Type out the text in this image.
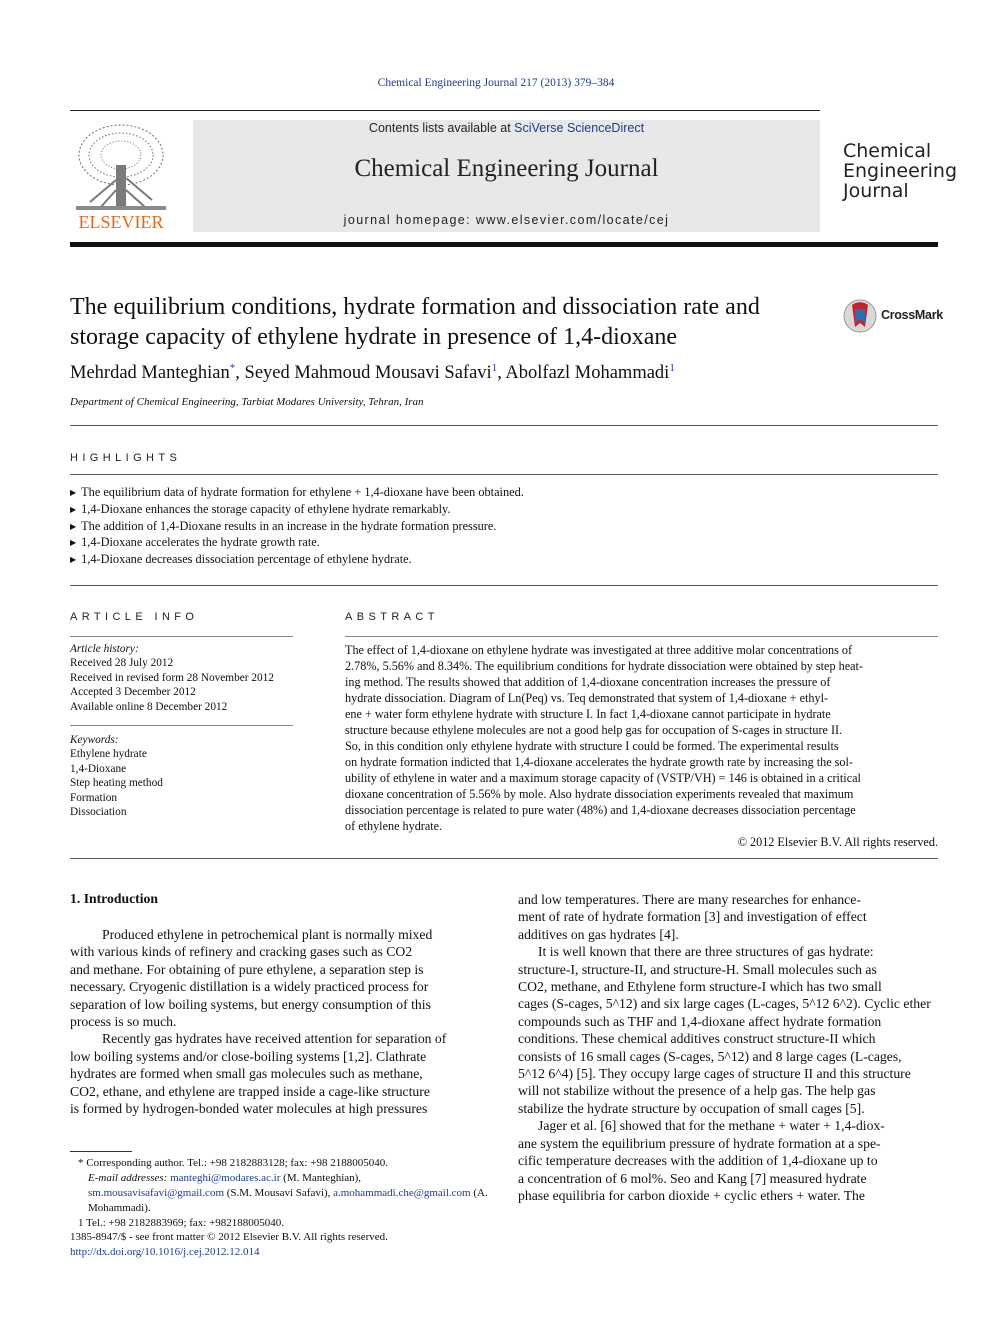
Chemical Engineering Journal 217 (2013) 379–384
ELSEVIER
Contents lists available at SciVerse ScienceDirect
Chemical Engineering Journal
journal homepage: www.elsevier.com/locate/cej
Chemical
Engineering
Journal
The equilibrium conditions, hydrate formation and dissociation rate and
storage capacity of ethylene hydrate in presence of 1,4-dioxane
CrossMark
Mehrdad Manteghian*, Seyed Mahmoud Mousavi Safavi$^1$, Abolfazl Mohammadi$^1$
Department of Chemical Engineering, Tarbiat Modares University, Tehran, Iran
HIGHLIGHTS
▶ The equilibrium data of hydrate formation for ethylene + 1,4-dioxane have been obtained.
▶ 1,4-Dioxane enhances the storage capacity of ethylene hydrate remarkably.
▶ The addition of 1,4-Dioxane results in an increase in the hydrate formation pressure.
▶ 1,4-Dioxane accelerates the hydrate growth rate.
▶ 1,4-Dioxane decreases dissociation percentage of ethylene hydrate.
ARTICLE INFO
Article history:
Received 28 July 2012
Received in revised form 28 November 2012
Accepted 3 December 2012
Available online 8 December 2012
Keywords:
Ethylene hydrate
1,4-Dioxane
Step heating method
Formation
Dissociation
ABSTRACT
The effect of 1,4-dioxane on ethylene hydrate was investigated at three additive molar concentrations of
2.78%, 5.56% and 8.34%. The equilibrium conditions for hydrate dissociation were obtained by step heat-
ing method. The results showed that addition of 1,4-dioxane concentration increases the pressure of
hydrate dissociation. Diagram of Ln(Peq) vs. Teq demonstrated that system of 1,4-dioxane + ethyl-
ene + water form ethylene hydrate with structure I. In fact 1,4-dioxane cannot participate in hydrate
structure because ethylene molecules are not a good help gas for occupation of S-cages in structure II.
So, in this condition only ethylene hydrate with structure I could be formed. The experimental results
on hydrate formation indicted that 1,4-dioxane accelerates the hydrate growth rate by increasing the sol-
ubility of ethylene in water and a maximum storage capacity of (VSTP/VH) = 146 is obtained in a critical
dioxane concentration of 5.56% by mole. Also hydrate dissociation experiments revealed that maximum
dissociation percentage is related to pure water (48%) and 1,4-dioxane decreases dissociation percentage
of ethylene hydrate.
© 2012 Elsevier B.V. All rights reserved.
1. Introduction
Produced ethylene in petrochemical plant is normally mixed
with various kinds of refinery and cracking gases such as CO2
and methane. For obtaining of pure ethylene, a separation step is
necessary. Cryogenic distillation is a widely practiced process for
separation of low boiling systems, but energy consumption of this
process is so much.
Recently gas hydrates have received attention for separation of
low boiling systems and/or close-boiling systems [1,2]. Clathrate
hydrates are formed when small gas molecules such as methane,
CO2, ethane, and ethylene are trapped inside a cage-like structure
is formed by hydrogen-bonded water molecules at high pressures
and low temperatures. There are many researches for enhance-
ment of rate of hydrate formation [3] and investigation of effect
additives on gas hydrates [4].
It is well known that there are three structures of gas hydrate:
structure-I, structure-II, and structure-H. Small molecules such as
CO2, methane, and Ethylene form structure-I which has two small
cages (S-cages, 5^12) and six large cages (L-cages, 5^12 6^2). Cyclic ether
compounds such as THF and 1,4-dioxane affect hydrate formation
conditions. These chemical additives construct structure-II which
consists of 16 small cages (S-cages, 5^12) and 8 large cages (L-cages,
5^12 6^4) [5]. They occupy large cages of structure II and this structure
will not stabilize without the presence of a help gas. The help gas
stabilize the hydrate structure by occupation of small cages [5].
Jager et al. [6] showed that for the methane + water + 1,4-diox-
ane system the equilibrium pressure of hydrate formation at a spe-
cific temperature decreases with the addition of 1,4-dioxane up to
a concentration of 6 mol%. Seo and Kang [7] measured hydrate
phase equilibria for carbon dioxide + cyclic ethers + water. The
* Corresponding author. Tel.: +98 2182883128; fax: +98 2188005040.
E-mail addresses: manteghi@modares.ac.ir (M. Manteghian), sm.mousavisafavi@gmail.com (S.M. Mousavi Safavi), a.mohammadi.che@gmail.com (A. Mohammadi).
1 Tel.: +98 2182883969; fax: +982188005040.
1385-8947/$ - see front matter © 2012 Elsevier B.V. All rights reserved.
http://dx.doi.org/10.1016/j.cej.2012.12.014
